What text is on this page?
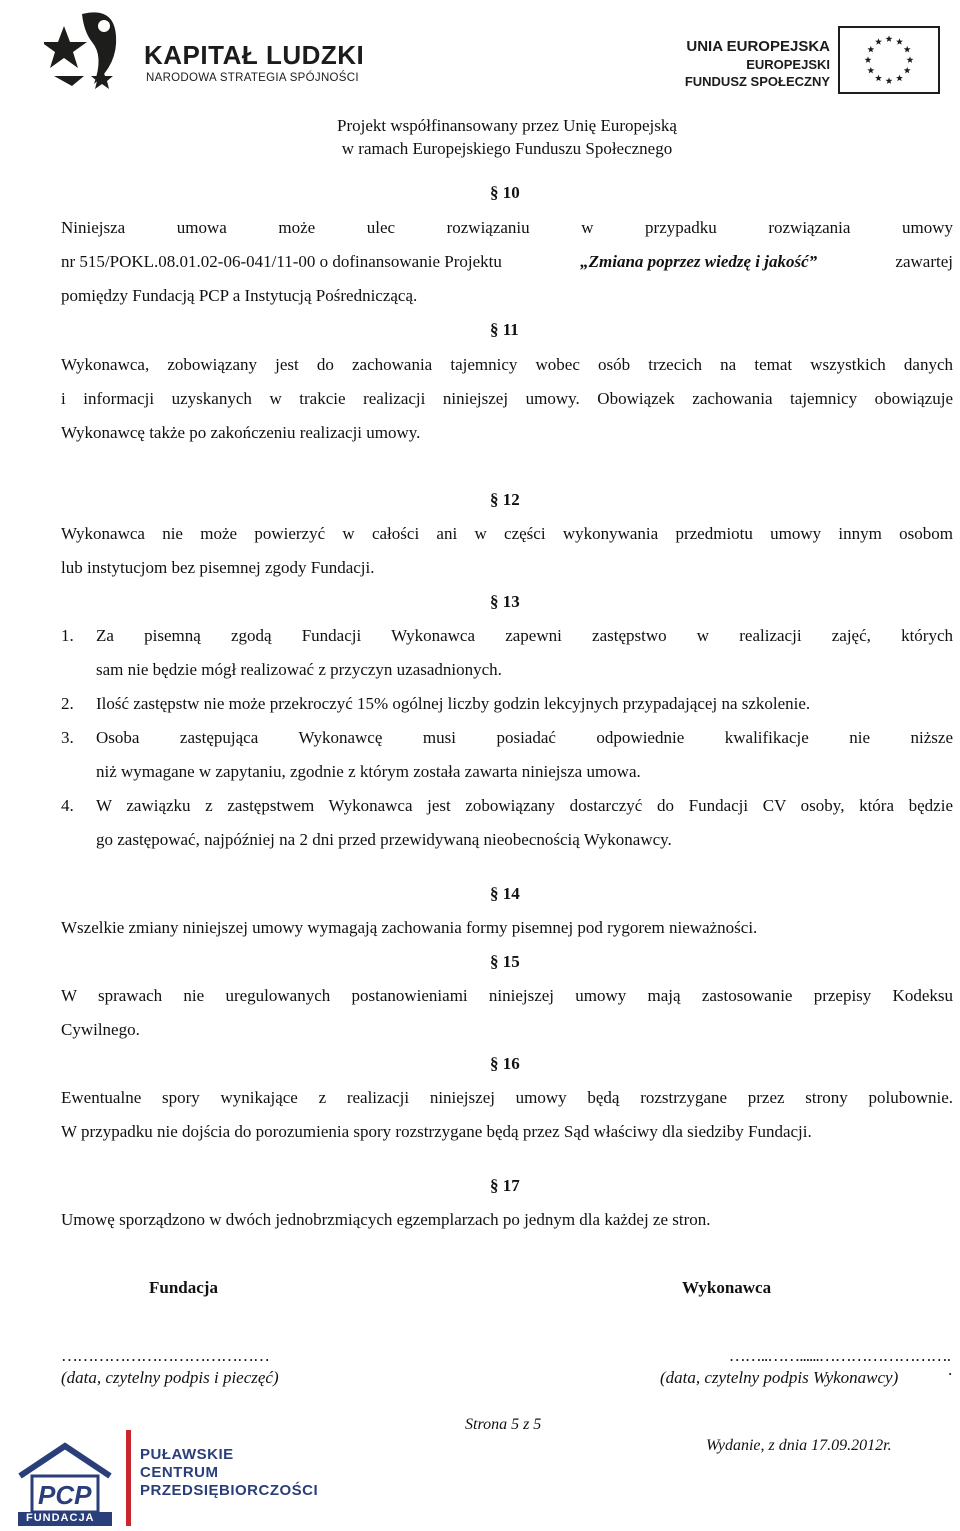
KAPITAŁ LUDZKI
NARODOWA STRATEGIA SPÓJNOŚCI
UNIA EUROPEJSKA
EUROPEJSKI
FUNDUSZ SPOŁECZNY
Projekt współfinansowany przez Unię Europejską
w ramach Europejskiego Funduszu Społecznego
§ 10
Niniejsza umowa może ulec rozwiązaniu w przypadku rozwiązania umowy
nr 515/POKL.08.01.02-06-041/11-00 o dofinansowanie Projektu	„Zmiana poprzez wiedzę i jakość”	zawartej
pomiędzy Fundacją PCP a Instytucją Pośredniczącą.
§ 11
Wykonawca, zobowiązany jest do zachowania tajemnicy wobec osób trzecich na temat wszystkich danych
i informacji uzyskanych w trakcie realizacji niniejszej umowy. Obowiązek zachowania tajemnicy obowiązuje
Wykonawcę także po zakończeniu realizacji umowy.
§ 12
Wykonawca nie może powierzyć w całości ani w części wykonywania przedmiotu umowy innym osobom
lub instytucjom bez pisemnej zgody Fundacji.
§ 13
1. Za pisemną zgodą Fundacji Wykonawca zapewni zastępstwo w realizacji zajęć, których
sam nie będzie mógł realizować z przyczyn uzasadnionych.
2. Ilość zastępstw nie może przekroczyć 15% ogólnej liczby godzin lekcyjnych przypadającej na szkolenie.
3. Osoba zastępująca Wykonawcę musi posiadać odpowiednie kwalifikacje nie niższe
niż wymagane w zapytaniu, zgodnie z którym została zawarta niniejsza umowa.
4. W zawiązku z zastępstwem Wykonawca jest zobowiązany dostarczyć do Fundacji CV osoby, która będzie
go zastępować, najpóźniej na 2 dni przed przewidywaną nieobecnością Wykonawcy.
§ 14
Wszelkie zmiany niniejszej umowy wymagają zachowania formy pisemnej pod rygorem nieważności.
§ 15
W sprawach nie uregulowanych postanowieniami niniejszej umowy mają zastosowanie przepisy Kodeksu
Cywilnego.
§ 16
Ewentualne spory wynikające z realizacji niniejszej umowy będą rozstrzygane przez strony polubownie.
W przypadku nie dojścia do porozumienia spory rozstrzygane będą przez Sąd właściwy dla siedziby Fundacji.
§ 17
Umowę sporządzono w dwóch jednobrzmiących egzemplarzach po jednym dla każdej ze stron.
Fundacja	Wykonawca
…………………………………	……..……......…………………….
(data, czytelny podpis i pieczęć)	(data, czytelny podpis Wykonawcy)	.
Strona 5 z 5
Wydanie, z dnia 17.09.2012r.
PCP
FUNDACJA
PUŁAWSKIE
CENTRUM
PRZEDSIĘBIORCZOŚCI
